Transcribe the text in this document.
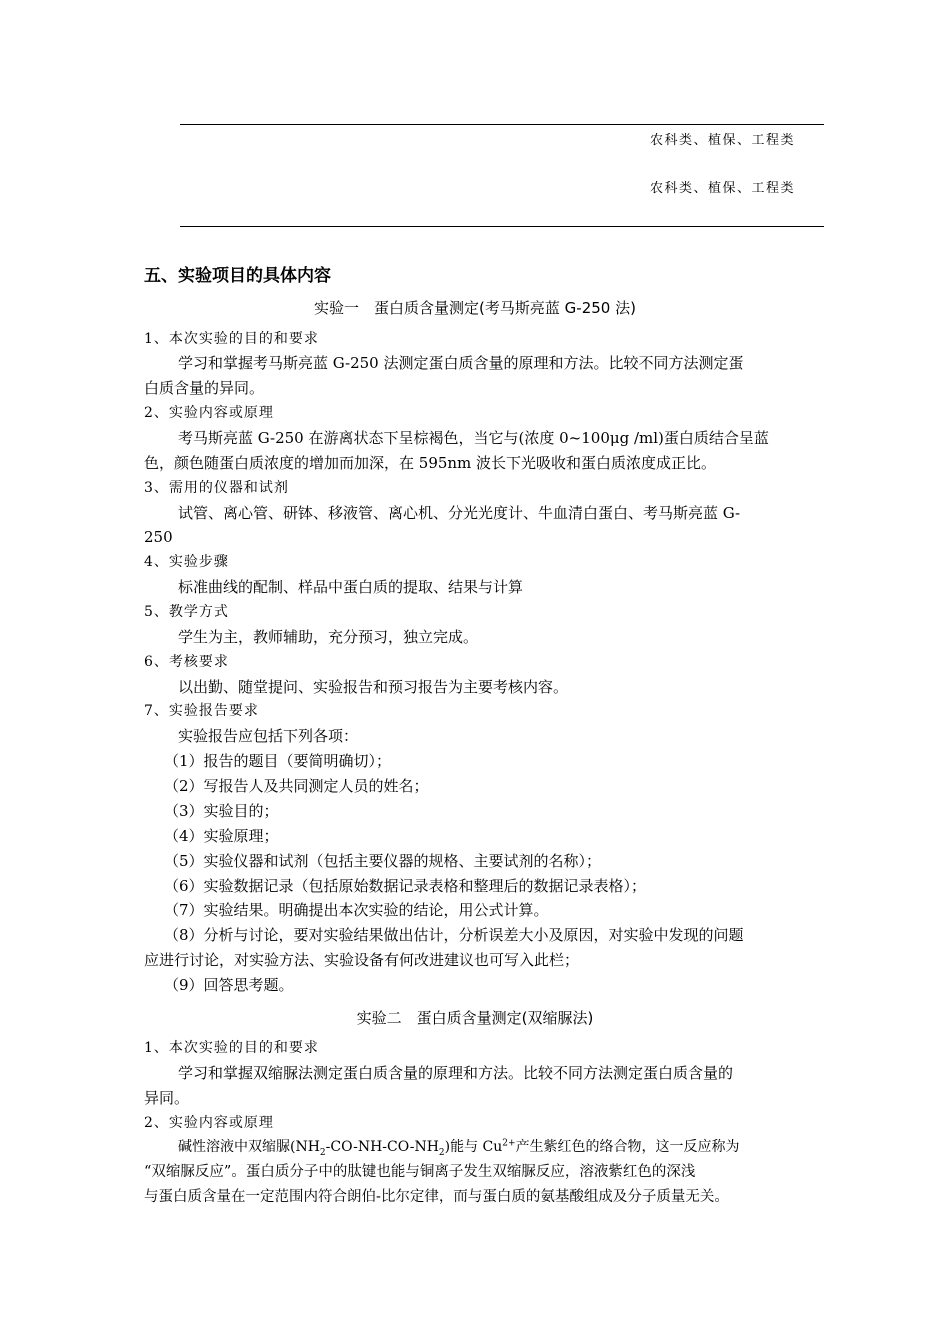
农科类、植保、工程类
农科类、植保、工程类
五、实验项目的具体内容
实验一　蛋白质含量测定(考马斯亮蓝 G-250 法)
1、本次实验的目的和要求
学习和掌握考马斯亮蓝 G-250 法测定蛋白质含量的原理和方法。比较不同方法测定蛋
白质含量的异同。
2、实验内容或原理
考马斯亮蓝 G-250 在游离状态下呈棕褐色，当它与(浓度 0~100μg /ml)蛋白质结合呈蓝
色，颜色随蛋白质浓度的增加而加深，在 595nm 波长下光吸收和蛋白质浓度成正比。
3、需用的仪器和试剂
试管、离心管、研钵、移液管、离心机、分光光度计、牛血清白蛋白、考马斯亮蓝 G-
250
4、实验步骤
标准曲线的配制、样品中蛋白质的提取、结果与计算
5、教学方式
学生为主，教师辅助，充分预习，独立完成。
6、考核要求
以出勤、随堂提问、实验报告和预习报告为主要考核内容。
7、实验报告要求
实验报告应包括下列各项：
（1）报告的题目（要简明确切）；
（2）写报告人及共同测定人员的姓名；
（3）实验目的；
（4）实验原理；
（5）实验仪器和试剂（包括主要仪器的规格、主要试剂的名称）；
（6）实验数据记录（包括原始数据记录表格和整理后的数据记录表格）；
（7）实验结果。明确提出本次实验的结论，用公式计算。
（8）分析与讨论，要对实验结果做出估计，分析误差大小及原因，对实验中发现的问题
应进行讨论，对实验方法、实验设备有何改进建议也可写入此栏；
（9）回答思考题。
实验二　蛋白质含量测定(双缩脲法)
1、本次实验的目的和要求
学习和掌握双缩脲法测定蛋白质含量的原理和方法。比较不同方法测定蛋白质含量的
异同。
2、实验内容或原理
碱性溶液中双缩脲$(NH_2-CO-NH-CO-NH_2)$能与 $Cu^{2+}$产生紫红色的络合物，这一反应称为
“双缩脲反应”。蛋白质分子中的肽键也能与铜离子发生双缩脲反应，溶液紫红色的深浅
与蛋白质含量在一定范围内符合朗伯-比尔定律，而与蛋白质的氨基酸组成及分子质量无关。
